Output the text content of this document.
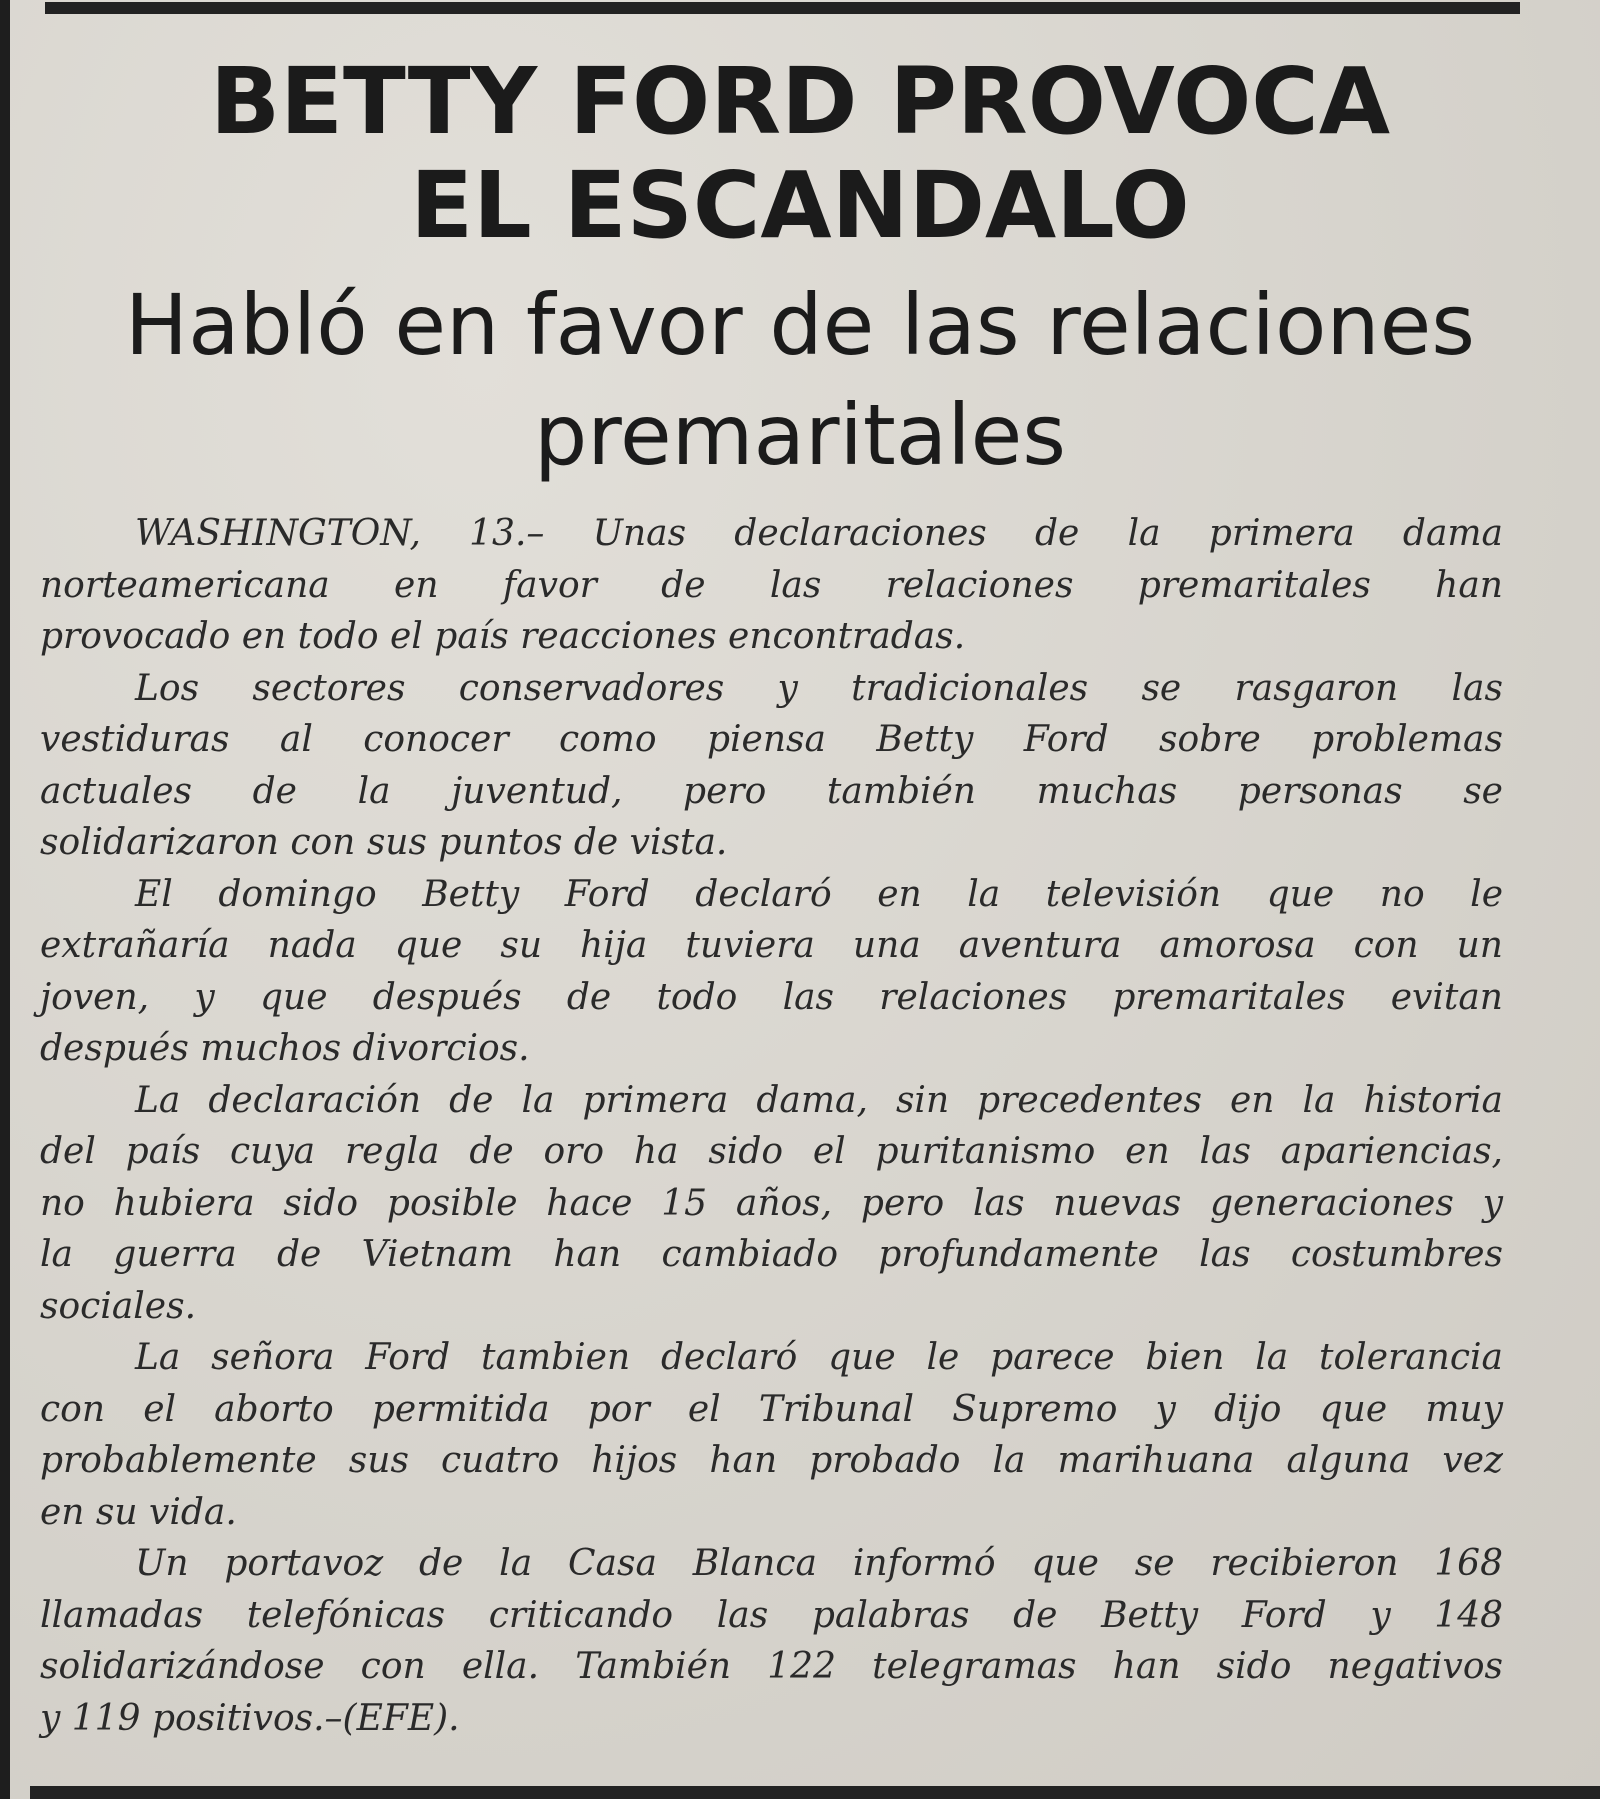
BETTY FORD PROVOCA
EL ESCANDALO
Habló en favor de las relaciones
premaritales
WASHINGTON, 13.– Unas declaraciones de la primera dama
norteamericana en favor de las relaciones premaritales han
provocado en todo el país reacciones encontradas.
Los sectores conservadores y tradicionales se rasgaron las
vestiduras al conocer como piensa Betty Ford sobre problemas
actuales de la juventud, pero también muchas personas se
solidarizaron con sus puntos de vista.
El domingo Betty Ford declaró en la televisión que no le
extrañaría nada que su hija tuviera una aventura amorosa con un
joven, y que después de todo las relaciones premaritales evitan
después muchos divorcios.
La declaración de la primera dama, sin precedentes en la historia
del país cuya regla de oro ha sido el puritanismo en las apariencias,
no hubiera sido posible hace 15 años, pero las nuevas generaciones y
la guerra de Vietnam han cambiado profundamente las costumbres
sociales.
La señora Ford tambien declaró que le parece bien la tolerancia
con el aborto permitida por el Tribunal Supremo y dijo que muy
probablemente sus cuatro hijos han probado la marihuana alguna vez
en su vida.
Un portavoz de la Casa Blanca informó que se recibieron 168
llamadas telefónicas criticando las palabras de Betty Ford y 148
solidarizándose con ella. También 122 telegramas han sido negativos
y 119 positivos.–(EFE).
